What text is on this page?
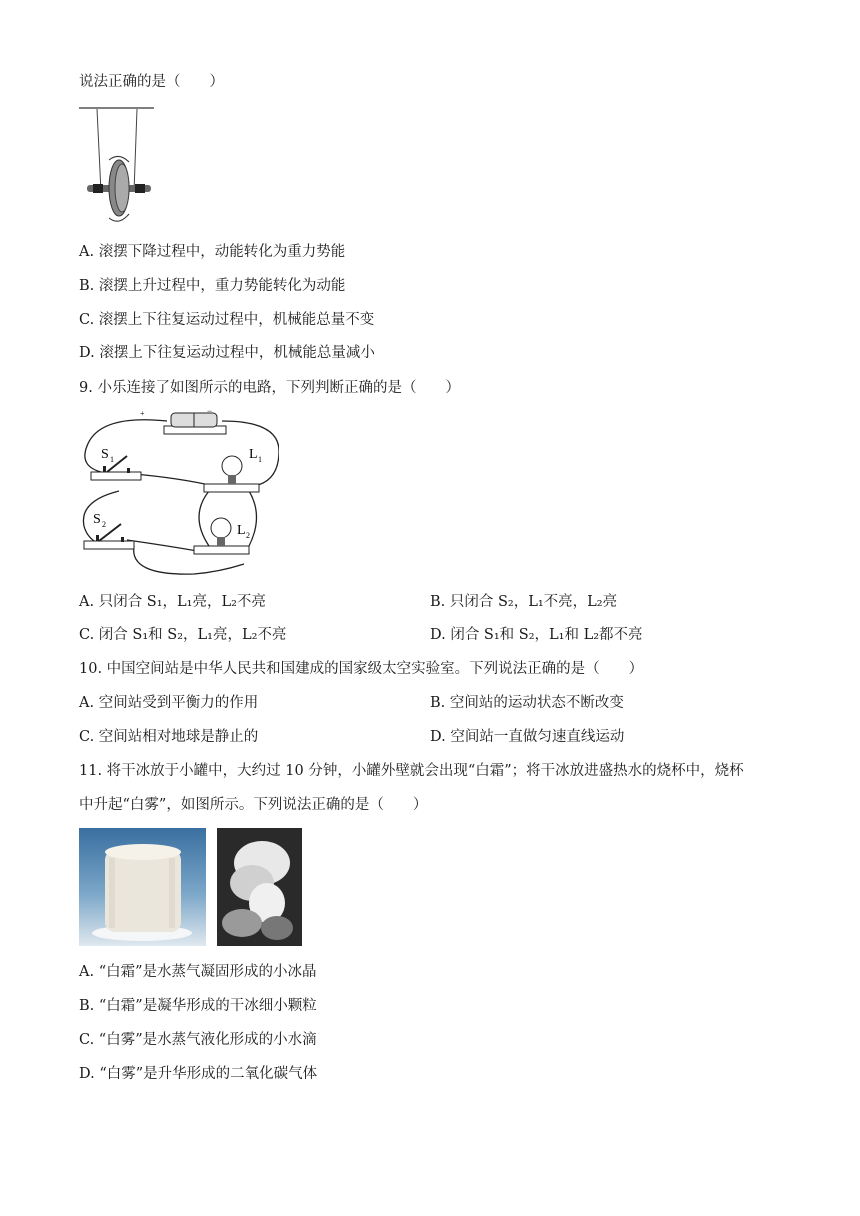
说法正确的是（　　）
A. 滚摆下降过程中，动能转化为重力势能
B. 滚摆上升过程中，重力势能转化为动能
C. 滚摆上下往复运动过程中，机械能总量不变
D. 滚摆上下往复运动过程中，机械能总量减小
9. 小乐连接了如图所示的电路，下列判断正确的是（　　）
+	−
S 1
S 2
L 1
L 2
A. 只闭合 S₁，L₁亮，L₂不亮	B. 只闭合 S₂，L₁不亮，L₂亮
C. 闭合 S₁和 S₂，L₁亮，L₂不亮	D. 闭合 S₁和 S₂，L₁和 L₂都不亮
10. 中国空间站是中华人民共和国建成的国家级太空实验室。下列说法正确的是（　　）
A. 空间站受到平衡力的作用	B. 空间站的运动状态不断改变
C. 空间站相对地球是静止的	D. 空间站一直做匀速直线运动
11. 将干冰放于小罐中，大约过 10 分钟，小罐外壁就会出现“白霜”；将干冰放进盛热水的烧杯中，烧杯
中升起“白雾”，如图所示。下列说法正确的是（　　）
A. “白霜”是水蒸气凝固形成的小冰晶
B. “白霜”是凝华形成的干冰细小颗粒
C. “白雾”是水蒸气液化形成的小水滴
D. “白雾”是升华形成的二氧化碳气体
